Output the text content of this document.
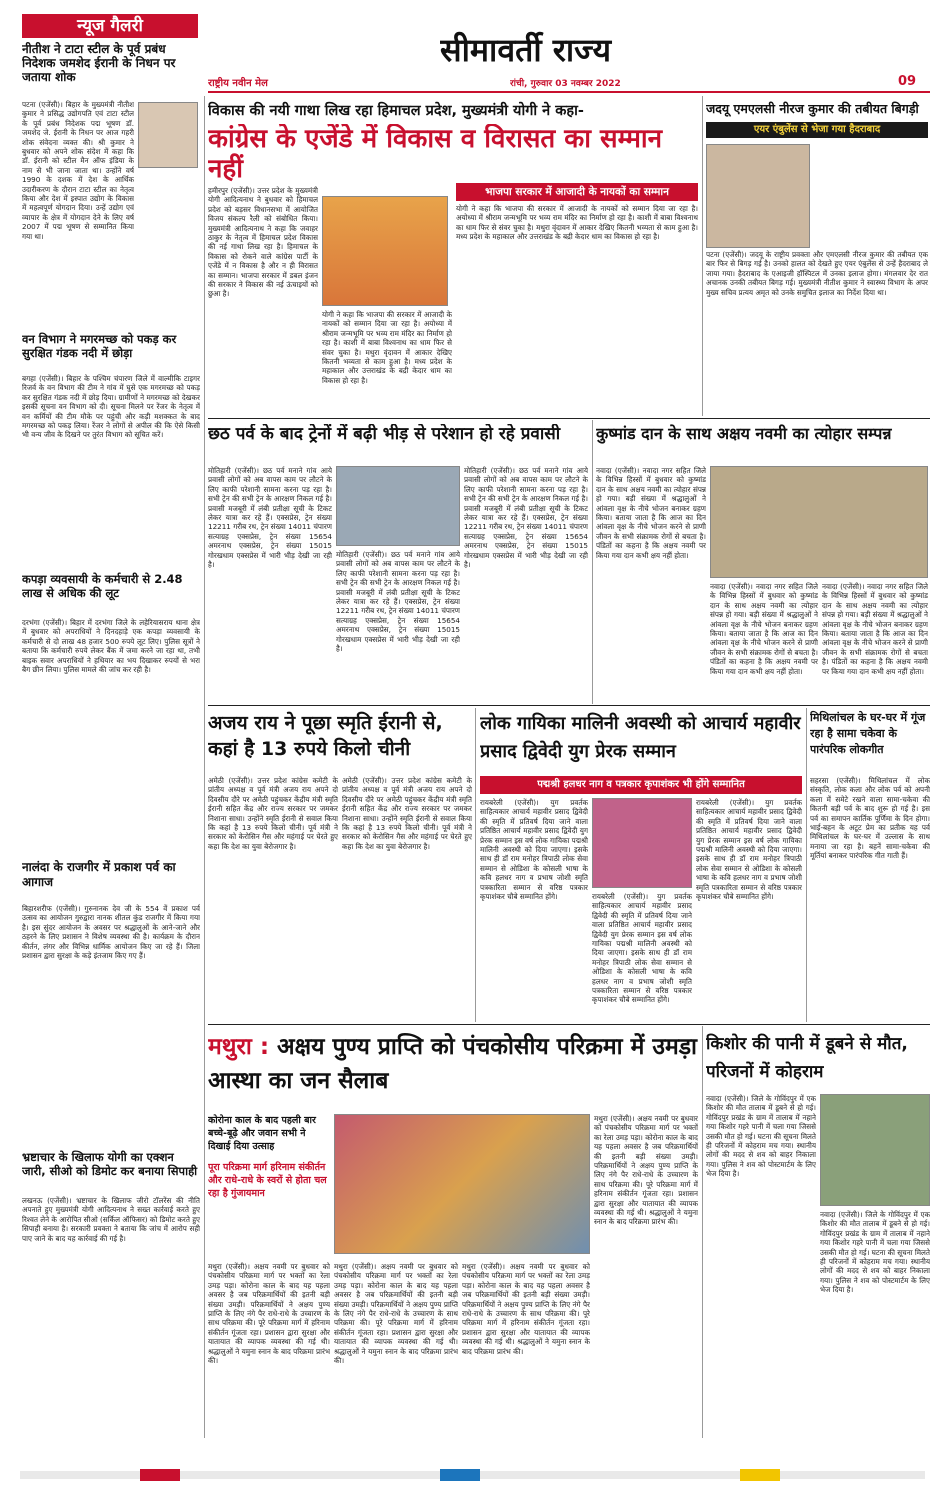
सीमावर्ती राज्य
राष्ट्रीय नवीन मेल	रांची, गुरुवार 03 नवम्बर 2022	09
न्यूज गैलरी
नीतीश ने टाटा स्टील के पूर्व प्रबंध निदेशक जमशेद ईरानी के निधन पर जताया शोक
पटना (एजेंसी)। बिहार के मुख्यमंत्री नीतीश कुमार ने प्रसिद्ध उद्योगपति एवं टाटा स्टील के पूर्व प्रबंध निदेशक पद्म भूषण डॉ. जमशेद जे. ईरानी के निधन पर आज गहरी शोक संवेदना व्यक्त की। श्री कुमार ने बुधवार को अपने शोक संदेश में कहा कि डॉ. ईरानी को स्टील मैन ऑफ इंडिया के नाम से भी जाना जाता था। उन्होंने वर्ष 1990 के दशक में देश के आर्थिक उदारीकरण के दौरान टाटा स्टील का नेतृत्व किया और देश में इस्पात उद्योग के विकास में महत्वपूर्ण योगदान दिया। उन्हें उद्योग एवं व्यापार के क्षेत्र में योगदान देने के लिए वर्ष 2007 में पद्म भूषण से सम्मानित किया गया था।
वन विभाग ने मगरमच्छ को पकड़ कर सुरक्षित गंडक नदी में छोड़ा
बगहा (एजेंसी)। बिहार के पश्चिम चंपारण जिले में वाल्मीकि टाइगर रिजर्व के वन विभाग की टीम ने गांव में घुसे एक मगरमच्छ को पकड़ कर सुरक्षित गंडक नदी में छोड़ दिया। ग्रामीणों ने मगरमच्छ को देखकर इसकी सूचना वन विभाग को दी। सूचना मिलने पर रेंजर के नेतृत्व में वन कर्मियों की टीम मौके पर पहुंची और कड़ी मशक्कत के बाद मगरमच्छ को पकड़ लिया। रेंजर ने लोगों से अपील की कि ऐसे किसी भी वन्य जीव के दिखने पर तुरंत विभाग को सूचित करें।
कपड़ा व्यवसायी के कर्मचारी से 2.48 लाख से अधिक की लूट
दरभंगा (एजेंसी)। बिहार में दरभंगा जिले के लहेरियासराय थाना क्षेत्र में बुधवार को अपराधियों ने दिनदहाड़े एक कपड़ा व्यवसायी के कर्मचारी से दो लाख 48 हजार 500 रुपये लूट लिए। पुलिस सूत्रों ने बताया कि कर्मचारी रुपये लेकर बैंक में जमा करने जा रहा था, तभी बाइक सवार अपराधियों ने हथियार का भय दिखाकर रुपयों से भरा बैग छीन लिया। पुलिस मामले की जांच कर रही है।
नालंदा के राजगीर में प्रकाश पर्व का आगाज
बिहारशरीफ (एजेंसी)। गुरुनानक देव जी के 554 वें प्रकाश पर्व उत्सव का आयोजन गुरुद्वारा नानक शीतल कुंड राजगीर में किया गया है। इस सुंदर आयोजन के अवसर पर श्रद्धालुओं के आने-जाने और ठहरने के लिए प्रशासन ने विशेष व्यवस्था की है। कार्यक्रम के दौरान कीर्तन, लंगर और विभिन्न धार्मिक आयोजन किए जा रहे हैं। जिला प्रशासन द्वारा सुरक्षा के कड़े इंतजाम किए गए हैं।
भ्रष्टाचार के खिलाफ योगी का एक्शन जारी, सीओ को डिमोट कर बनाया सिपाही
लखनऊ (एजेंसी)। भ्रष्टाचार के खिलाफ जीरो टॉलरेंस की नीति अपनाते हुए मुख्यमंत्री योगी आदित्यनाथ ने सख्त कार्रवाई करते हुए रिश्वत लेने के आरोपित सीओ (सर्किल ऑफिसर) को डिमोट करते हुए सिपाही बनाया है। सरकारी प्रवक्ता ने बताया कि जांच में आरोप सही पाए जाने के बाद यह कार्रवाई की गई है।
विकास की नयी गाथा लिख रहा हिमाचल प्रदेश, मुख्यमंत्री योगी ने कहा-
कांग्रेस के एजेंडे में विकास व विरासत का सम्मान नहीं
भाजपा सरकार में आजादी के नायकों का सम्मान
हमीरपुर (एजेंसी)। उत्तर प्रदेश के मुख्यमंत्री योगी आदित्यनाथ ने बुधवार को हिमाचल प्रदेश को बड़सर विधानसभा में आयोजित विजय संकल्प रैली को संबोधित किया। मुख्यमंत्री आदित्यनाथ ने कहा कि जवाहर ठाकुर के नेतृत्व में हिमाचल प्रदेश विकास की नई गाथा लिख रहा है। हिमाचल के विकास को रोकने वाले कांग्रेस पार्टी के एजेंडे में न विकास है और न ही विरासत का सम्मान। भाजपा सरकार में डबल इंजन की सरकार ने विकास की नई ऊंचाइयों को छुआ है।
योगी ने कहा कि भाजपा की सरकार में आजादी के नायकों को सम्मान दिया जा रहा है। अयोध्या में श्रीराम जन्मभूमि पर भव्य राम मंदिर का निर्माण हो रहा है। काशी में बाबा विश्वनाथ का धाम फिर से संवर चुका है। मथुरा वृंदावन में आकार देखिए कितनी भव्यता से काम हुआ है। मध्य प्रदेश के महाकाल और उत्तराखंड के बद्री केदार धाम का विकास हो रहा है।
योगी ने कहा कि भाजपा की सरकार में आजादी के नायकों को सम्मान दिया जा रहा है। अयोध्या में श्रीराम जन्मभूमि पर भव्य राम मंदिर का निर्माण हो रहा है। काशी में बाबा विश्वनाथ का धाम फिर से संवर चुका है। मथुरा वृंदावन में आकार देखिए कितनी भव्यता से काम हुआ है। मध्य प्रदेश के महाकाल और उत्तराखंड के बद्री केदार धाम का विकास हो रहा है।
जदयू एमएलसी नीरज कुमार की तबीयत बिगड़ी
एयर एंबुलेंस से भेजा गया हैदराबाद
पटना (एजेंसी)। जदयू के राष्ट्रीय प्रवक्ता और एमएलसी नीरज कुमार की तबीयत एक बार फिर से बिगड़ गई है। उनको हालत को देखते हुए एयर एंबुलेंस से उन्हें हैदराबाद ले जाया गया। हैदराबाद के एआइजी हॉस्पिटल में उनका इलाज होगा। मंगलवार देर रात अचानक उनकी तबीयत बिगड़ गई। मुख्यमंत्री नीतीश कुमार ने स्वास्थ्य विभाग के अपर मुख्य सचिव प्रत्यय अमृत को उनके समुचित इलाज का निर्देश दिया था।
छठ पर्व के बाद ट्रेनों में बढ़ी भीड़ से परेशान हो रहे प्रवासी
मोतिहारी (एजेंसी)। छठ पर्व मनाने गांव आये प्रवासी लोगों को अब वापस काम पर लौटने के लिए काफी परेशानी सामना करना पड़ रहा है। सभी ट्रेन की सभी ट्रेन के आरक्षण निकल गई है। प्रवासी मजबूरी में लंबी प्रतीक्षा सूची के टिकट लेकर यात्रा कर रहे हैं। एक्सप्रेस, ट्रेन संख्या 12211 गरीब रथ, ट्रेन संख्या 14011 चंपारण सत्याग्रह एक्सप्रेस, ट्रेन संख्या 15654 अमरनाथ एक्सप्रेस, ट्रेन संख्या 15015 गोरखधाम एक्सप्रेस में भारी भीड़ देखी जा रही है।
मोतिहारी (एजेंसी)। छठ पर्व मनाने गांव आये प्रवासी लोगों को अब वापस काम पर लौटने के लिए काफी परेशानी सामना करना पड़ रहा है। सभी ट्रेन की सभी ट्रेन के आरक्षण निकल गई है। प्रवासी मजबूरी में लंबी प्रतीक्षा सूची के टिकट लेकर यात्रा कर रहे हैं। एक्सप्रेस, ट्रेन संख्या 12211 गरीब रथ, ट्रेन संख्या 14011 चंपारण सत्याग्रह एक्सप्रेस, ट्रेन संख्या 15654 अमरनाथ एक्सप्रेस, ट्रेन संख्या 15015 गोरखधाम एक्सप्रेस में भारी भीड़ देखी जा रही है।
मोतिहारी (एजेंसी)। छठ पर्व मनाने गांव आये प्रवासी लोगों को अब वापस काम पर लौटने के लिए काफी परेशानी सामना करना पड़ रहा है। सभी ट्रेन की सभी ट्रेन के आरक्षण निकल गई है। प्रवासी मजबूरी में लंबी प्रतीक्षा सूची के टिकट लेकर यात्रा कर रहे हैं। एक्सप्रेस, ट्रेन संख्या 12211 गरीब रथ, ट्रेन संख्या 14011 चंपारण सत्याग्रह एक्सप्रेस, ट्रेन संख्या 15654 अमरनाथ एक्सप्रेस, ट्रेन संख्या 15015 गोरखधाम एक्सप्रेस में भारी भीड़ देखी जा रही है।
कुष्मांड दान के साथ अक्षय नवमी का त्योहार सम्पन्न
नवादा (एजेंसी)। नवादा नगर सहित जिले के विभिन्न हिस्सों में बुधवार को कुष्मांड दान के साथ अक्षय नवमी का त्योहार संपन्न हो गया। बड़ी संख्या में श्रद्धालुओं ने आंवला वृक्ष के नीचे भोजन बनाकर ग्रहण किया। बताया जाता है कि आज का दिन आंवला वृक्ष के नीचे भोजन करने से प्राणी जीवन के सभी संक्रामक रोगों से बचता है। पंडितों का कहना है कि अक्षय नवमी पर किया गया दान कभी क्षय नहीं होता।
नवादा (एजेंसी)। नवादा नगर सहित जिले के विभिन्न हिस्सों में बुधवार को कुष्मांड दान के साथ अक्षय नवमी का त्योहार संपन्न हो गया। बड़ी संख्या में श्रद्धालुओं ने आंवला वृक्ष के नीचे भोजन बनाकर ग्रहण किया। बताया जाता है कि आज का दिन आंवला वृक्ष के नीचे भोजन करने से प्राणी जीवन के सभी संक्रामक रोगों से बचता है। पंडितों का कहना है कि अक्षय नवमी पर किया गया दान कभी क्षय नहीं होता।
नवादा (एजेंसी)। नवादा नगर सहित जिले के विभिन्न हिस्सों में बुधवार को कुष्मांड दान के साथ अक्षय नवमी का त्योहार संपन्न हो गया। बड़ी संख्या में श्रद्धालुओं ने आंवला वृक्ष के नीचे भोजन बनाकर ग्रहण किया। बताया जाता है कि आज का दिन आंवला वृक्ष के नीचे भोजन करने से प्राणी जीवन के सभी संक्रामक रोगों से बचता है। पंडितों का कहना है कि अक्षय नवमी पर किया गया दान कभी क्षय नहीं होता।
अजय राय ने पूछा स्मृति ईरानी से, कहां है 13 रुपये किलो चीनी
अमेठी (एजेंसी)। उत्तर प्रदेश कांग्रेस कमेटी के प्रांतीय अध्यक्ष व पूर्व मंत्री अजय राय अपने दो दिवसीय दौरे पर अमेठी पहुंचकर केंद्रीय मंत्री स्मृति ईरानी सहित केंद्र और राज्य सरकार पर जमकर निशाना साधा। उन्होंने स्मृति ईरानी से सवाल किया कि कहां है 13 रुपये किलो चीनी। पूर्व मंत्री ने सरकार को केरोसिन गैस और महंगाई पर घेरते हुए कहा कि देश का युवा बेरोजगार है।
अमेठी (एजेंसी)। उत्तर प्रदेश कांग्रेस कमेटी के प्रांतीय अध्यक्ष व पूर्व मंत्री अजय राय अपने दो दिवसीय दौरे पर अमेठी पहुंचकर केंद्रीय मंत्री स्मृति ईरानी सहित केंद्र और राज्य सरकार पर जमकर निशाना साधा। उन्होंने स्मृति ईरानी से सवाल किया कि कहां है 13 रुपये किलो चीनी। पूर्व मंत्री ने सरकार को केरोसिन गैस और महंगाई पर घेरते हुए कहा कि देश का युवा बेरोजगार है।
लोक गायिका मालिनी अवस्थी को आचार्य महावीर प्रसाद द्विवेदी युग प्रेरक सम्मान
पद्मश्री हलधर नाग व पत्रकार कृपाशंकर भी होंगे सम्मानित
रायबरेली (एजेंसी)। युग प्रवर्तक साहित्यकार आचार्य महावीर प्रसाद द्विवेदी की स्मृति में प्रतिवर्ष दिया जाने वाला प्रतिष्ठित आचार्य महावीर प्रसाद द्विवेदी युग प्रेरक सम्मान इस वर्ष लोक गायिका पद्मश्री मालिनी अवस्थी को दिया जाएगा। इसके साथ ही डॉ राम मनोहर त्रिपाठी लोक सेवा सम्मान से ओडिशा के कोसली भाषा के कवि हलधर नाग व प्रभाष जोशी स्मृति पत्रकारिता सम्मान से वरिष्ठ पत्रकार कृपाशंकर चौबे सम्मानित होंगे।	रायबरेली (एजेंसी)। युग प्रवर्तक साहित्यकार आचार्य महावीर प्रसाद द्विवेदी की स्मृति में प्रतिवर्ष दिया जाने वाला प्रतिष्ठित आचार्य महावीर प्रसाद द्विवेदी युग प्रेरक सम्मान इस वर्ष लोक गायिका पद्मश्री मालिनी अवस्थी को दिया जाएगा। इसके साथ ही डॉ राम मनोहर त्रिपाठी लोक सेवा सम्मान से ओडिशा के कोसली भाषा के कवि हलधर नाग व प्रभाष जोशी स्मृति पत्रकारिता सम्मान से वरिष्ठ पत्रकार कृपाशंकर चौबे सम्मानित होंगे।
रायबरेली (एजेंसी)। युग प्रवर्तक साहित्यकार आचार्य महावीर प्रसाद द्विवेदी की स्मृति में प्रतिवर्ष दिया जाने वाला प्रतिष्ठित आचार्य महावीर प्रसाद द्विवेदी युग प्रेरक सम्मान इस वर्ष लोक गायिका पद्मश्री मालिनी अवस्थी को दिया जाएगा। इसके साथ ही डॉ राम मनोहर त्रिपाठी लोक सेवा सम्मान से ओडिशा के कोसली भाषा के कवि हलधर नाग व प्रभाष जोशी स्मृति पत्रकारिता सम्मान से वरिष्ठ पत्रकार कृपाशंकर चौबे सम्मानित होंगे।
मिथिलांचल के घर-घर में गूंज रहा है सामा चकेवा के पारंपरिक लोकगीत
सहरसा (एजेंसी)। मिथिलांचल में लोक संस्कृति, लोक कला और लोक पर्व को अपनी कला में समेटे रखने वाला सामा-चकेवा की कितनी बड़ी पर्व के बाद शुरू हो गई है। इस पर्व का समापन कार्तिक पूर्णिमा के दिन होगा। भाई-बहन के अटूट प्रेम का प्रतीक यह पर्व मिथिलांचल के घर-घर में उल्लास के साथ मनाया जा रहा है। बहनें सामा-चकेवा की मूर्तियां बनाकर पारंपरिक गीत गाती हैं।
मथुरा : अक्षय पुण्य प्राप्ति को पंचकोसीय परिक्रमा में उमड़ा आस्था का जन सैलाब
कोरोना काल के बाद पहली बार बच्चे-बूढ़े और जवान सभी ने दिखाई दिया उत्साह
पूरा परिक्रमा मार्ग हरिनाम संकीर्तन और राधे-राधे के स्वरों से होता चल रहा है गुंजायमान
मथुरा (एजेंसी)। अक्षय नवमी पर बुधवार को पंचकोसीय परिक्रमा मार्ग पर भक्तों का रेला उमड़ पड़ा। कोरोना काल के बाद यह पहला अवसर है जब परिक्रमार्थियों की इतनी बड़ी संख्या उमड़ी। परिक्रमार्थियों ने अक्षय पुण्य प्राप्ति के लिए नंगे पैर राधे-राधे के उच्चारण के साथ परिक्रमा की। पूरे परिक्रमा मार्ग में हरिनाम संकीर्तन गूंजता रहा। प्रशासन द्वारा सुरक्षा और यातायात की व्यापक व्यवस्था की गई थी। श्रद्धालुओं ने यमुना स्नान के बाद परिक्रमा प्रारंभ की।
मथुरा (एजेंसी)। अक्षय नवमी पर बुधवार को पंचकोसीय परिक्रमा मार्ग पर भक्तों का रेला उमड़ पड़ा। कोरोना काल के बाद यह पहला अवसर है जब परिक्रमार्थियों की इतनी बड़ी संख्या उमड़ी। परिक्रमार्थियों ने अक्षय पुण्य प्राप्ति के लिए नंगे पैर राधे-राधे के उच्चारण के साथ परिक्रमा की। पूरे परिक्रमा मार्ग में हरिनाम संकीर्तन गूंजता रहा। प्रशासन द्वारा सुरक्षा और यातायात की व्यापक व्यवस्था की गई थी। श्रद्धालुओं ने यमुना स्नान के बाद परिक्रमा प्रारंभ की।
मथुरा (एजेंसी)। अक्षय नवमी पर बुधवार को पंचकोसीय परिक्रमा मार्ग पर भक्तों का रेला उमड़ पड़ा। कोरोना काल के बाद यह पहला अवसर है जब परिक्रमार्थियों की इतनी बड़ी संख्या उमड़ी। परिक्रमार्थियों ने अक्षय पुण्य प्राप्ति के लिए नंगे पैर राधे-राधे के उच्चारण के साथ परिक्रमा की। पूरे परिक्रमा मार्ग में हरिनाम संकीर्तन गूंजता रहा। प्रशासन द्वारा सुरक्षा और यातायात की व्यापक व्यवस्था की गई थी। श्रद्धालुओं ने यमुना स्नान के बाद परिक्रमा प्रारंभ की।
मथुरा (एजेंसी)। अक्षय नवमी पर बुधवार को पंचकोसीय परिक्रमा मार्ग पर भक्तों का रेला उमड़ पड़ा। कोरोना काल के बाद यह पहला अवसर है जब परिक्रमार्थियों की इतनी बड़ी संख्या उमड़ी। परिक्रमार्थियों ने अक्षय पुण्य प्राप्ति के लिए नंगे पैर राधे-राधे के उच्चारण के साथ परिक्रमा की। पूरे परिक्रमा मार्ग में हरिनाम संकीर्तन गूंजता रहा। प्रशासन द्वारा सुरक्षा और यातायात की व्यापक व्यवस्था की गई थी। श्रद्धालुओं ने यमुना स्नान के बाद परिक्रमा प्रारंभ की।
किशोर की पानी में डूबने से मौत, परिजनों में कोहराम
नवादा (एजेंसी)। जिले के गोविंदपुर में एक किशोर की मौत तालाब में डूबने से हो गई। गोविंदपुर प्रखंड के ग्राम में तालाब में नहाने गया किशोर गहरे पानी में चला गया जिससे उसकी मौत हो गई। घटना की सूचना मिलते ही परिजनों में कोहराम मच गया। स्थानीय लोगों की मदद से शव को बाहर निकाला गया। पुलिस ने शव को पोस्टमार्टम के लिए भेज दिया है।
नवादा (एजेंसी)। जिले के गोविंदपुर में एक किशोर की मौत तालाब में डूबने से हो गई। गोविंदपुर प्रखंड के ग्राम में तालाब में नहाने गया किशोर गहरे पानी में चला गया जिससे उसकी मौत हो गई। घटना की सूचना मिलते ही परिजनों में कोहराम मच गया। स्थानीय लोगों की मदद से शव को बाहर निकाला गया। पुलिस ने शव को पोस्टमार्टम के लिए भेज दिया है।
